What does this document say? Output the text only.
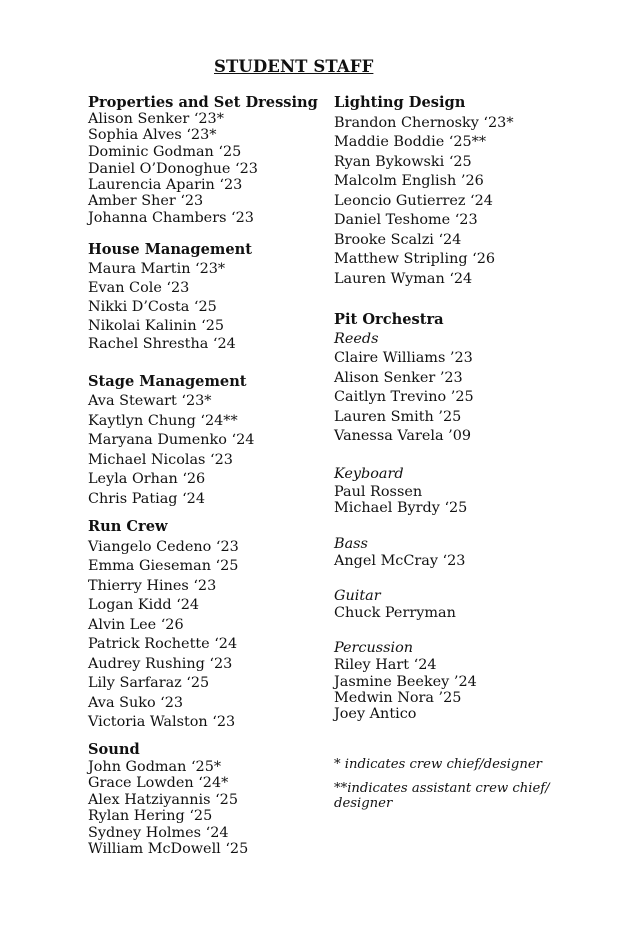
STUDENT STAFF
Properties and Set Dressing
Alison Senker ‘23*
Sophia Alves ‘23*
Dominic Godman ‘25
Daniel O’Donoghue ‘23
Laurencia Aparin ‘23
Amber Sher ‘23
Johanna Chambers ‘23
House Management
Maura Martin ‘23*
Evan Cole ‘23
Nikki D’Costa ‘25
Nikolai Kalinin ‘25
Rachel Shrestha ‘24
Stage Management
Ava Stewart ‘23*
Kaytlyn Chung ‘24**
Maryana Dumenko ‘24
Michael Nicolas ‘23
Leyla Orhan ‘26
Chris Patiag ‘24
Run Crew
Viangelo Cedeno ‘23
Emma Gieseman ‘25
Thierry Hines ‘23
Logan Kidd ‘24
Alvin Lee ‘26
Patrick Rochette ‘24
Audrey Rushing ‘23
Lily Sarfaraz ‘25
Ava Suko ‘23
Victoria Walston ‘23
Sound
John Godman ‘25*
Grace Lowden ‘24*
Alex Hatziyannis ‘25
Rylan Hering ‘25
Sydney Holmes ‘24
William McDowell ‘25
Lighting Design
Brandon Chernosky ‘23*
Maddie Boddie ‘25**
Ryan Bykowski ‘25
Malcolm English ’26
Leoncio Gutierrez ‘24
Daniel Teshome ‘23
Brooke Scalzi ‘24
Matthew Stripling ‘26
Lauren Wyman ‘24
Pit Orchestra
Reeds
Claire Williams ’23
Alison Senker ’23
Caitlyn Trevino ’25
Lauren Smith ’25
Vanessa Varela ’09
Keyboard
Paul Rossen
Michael Byrdy ‘25
Bass
Angel McCray ‘23
Guitar
Chuck Perryman
Percussion
Riley Hart ‘24
Jasmine Beekey ’24
Medwin Nora ’25
Joey Antico
* indicates crew chief/designer
**indicates assistant crew chief/
designer
